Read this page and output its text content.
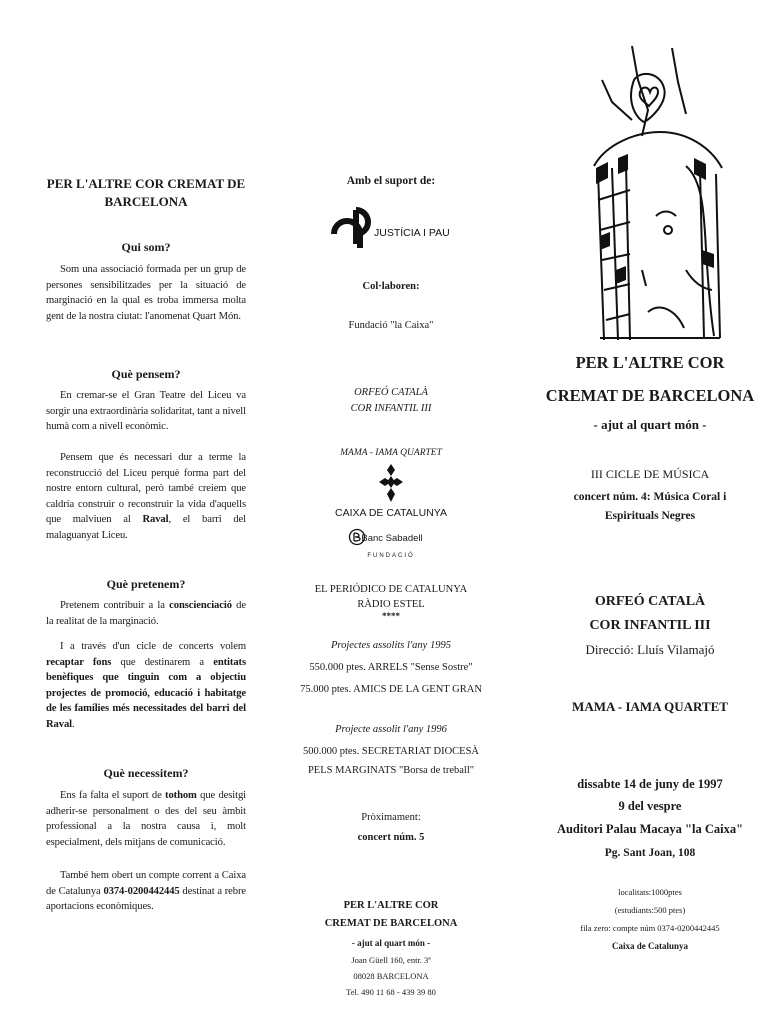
PER L'ALTRE COR CREMAT DE
BARCELONA
Qui som?
Som una associació formada per un grup de persones sensibilitzades per la situació de marginació en la qual es troba immersa molta gent de la nostra ciutat: l'anomenat Quart Món.
Què pensem?
En cremar-se el Gran Teatre del Liceu va sorgir una extraordinària solidaritat, tant a nivell humà com a nivell econòmic.
Pensem que és necessari dur a terme la reconstrucció del Liceu perquè forma part del nostre entorn cultural, però també creiem que caldria construir o reconstruir la vida d'aquells que malviuen al Raval, el barri del malaguanyat Liceu.
Què pretenem?
Pretenem contribuir a la conscienciació de la realitat de la marginació.
I a través d'un cicle de concerts volem recaptar fons que destinarem a entitats benèfiques que tinguin com a objectiu projectes de promoció, educació i habitatge de les famílies més necessitades del barri del Raval.
Què necessitem?
Ens fa falta el suport de tothom que desitgi adherir-se personalment o des del seu àmbit professional a la nostra causa i, molt especialment, dels mitjans de comunicació.
També hem obert un compte corrent a Caixa de Catalunya 0374-0200442445 destinat a rebre aportacions econòmiques.
Amb el suport de:
JUSTÍCIA I PAU
Col·laboren:
Fundació "la Caixa"
ORFEÓ CATALÀ
COR INFANTIL III
MAMA - IAMA QUARTET
CAIXA DE CATALUNYA
Banc Sabadell
FUNDACIÓ
EL PERIÓDICO DE CATALUNYA
RÀDIO ESTEL
****
Projectes assolits l'any 1995
550.000 ptes. ARRELS "Sense Sostre"
75.000 ptes. AMICS DE LA GENT GRAN
Projecte assolit l'any 1996
500.000 ptes. SECRETARIAT DIOCESÀ
PELS MARGINATS "Borsa de treball"
Pròximament:
concert núm. 5
PER L'ALTRE COR
CREMAT DE BARCELONA
- ajut al quart món -
Joan Güell 160, entr. 3ª
08028 BARCELONA
Tel. 490 11 68 - 439 39 80
PER L'ALTRE COR
CREMAT DE BARCELONA
- ajut al quart món -
III CICLE DE MÚSICA
concert núm. 4: Música Coral i
Espirituals Negres
ORFEÓ CATALÀ
COR INFANTIL III
Direcció: Lluís Vilamajó
MAMA - IAMA QUARTET
dissabte 14 de juny de 1997
9 del vespre
Auditori Palau Macaya "la Caixa"
Pg. Sant Joan, 108
localitats:1000ptes
(estudiants:500 ptes)
fila zero: compte núm 0374-0200442445
Caixa de Catalunya
